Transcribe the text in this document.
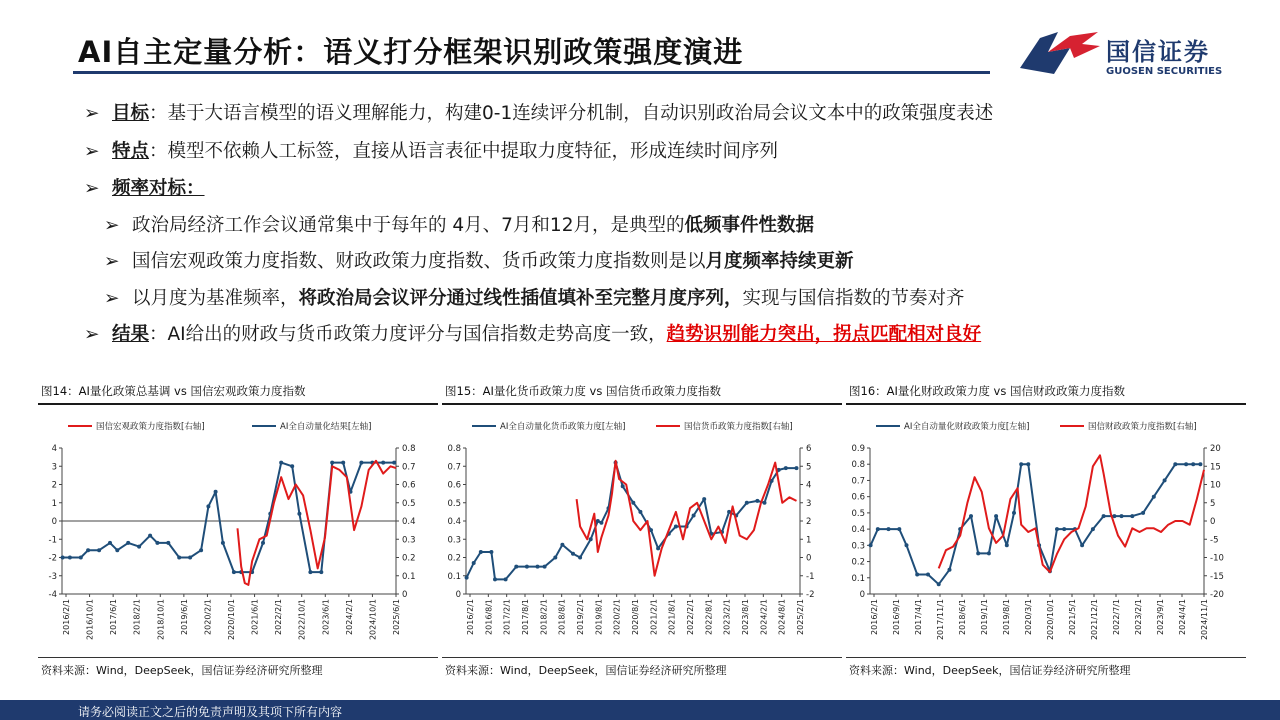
AI自主定量分析：语义打分框架识别政策强度演进	国信证券
GUOSEN SECURITIES
➢ 目标：基于大语言模型的语义理解能力，构建0-1连续评分机制，自动识别政治局会议文本中的政策强度表述
➢ 特点：模型不依赖人工标签，直接从语言表征中提取力度特征，形成连续时间序列
➢ 频率对标：
➢ 政治局经济工作会议通常集中于每年的 4月、7月和12月，是典型的低频事件性数据
➢ 国信宏观政策力度指数、财政政策力度指数、货币政策力度指数则是以月度频率持续更新
➢ 以月度为基准频率，将政治局会议评分通过线性插值填补至完整月度序列，实现与国信指数的节奏对齐
➢ 结果：AI给出的财政与货币政策力度评分与国信指数走势高度一致，趋势识别能力突出，拐点匹配相对良好
图14：AI量化政策总基调 vs 国信宏观政策力度指数
-4
-3
-2
-1
0
1
2
3
4
0
0.1
0.2
0.3
0.4
0.5
0.6
0.7
0.8
2016/2/1 2016/10/1 2017/6/1 2018/2/1 2018/10/1 2019/6/1 2020/2/1 2020/10/1 2021/6/1 2022/2/1 2022/10/1 2023/6/1 2024/2/1 2024/10/1 2025/6/1
国信宏观政策力度指数[右轴]	AI全自动量化结果[左轴]
资料来源：Wind，DeepSeek，国信证券经济研究所整理
图15：AI量化货币政策力度 vs 国信货币政策力度指数
0
0.1
0.2
0.3
0.4
0.5
0.6
0.7
0.8
-2
-1
0
1
2
3
4
5
6
2016/2/1 2016/8/1 2017/2/1 2017/8/1 2018/2/1 2018/8/1 2019/2/1 2019/8/1 2020/2/1 2020/8/1 2021/2/1 2021/8/1 2022/2/1 2022/8/1 2023/2/1 2023/8/1 2024/2/1 2024/8/1 2025/2/1
AI全自动量化货币政策力度[左轴]	国信货币政策力度指数[右轴]
资料来源：Wind，DeepSeek，国信证券经济研究所整理
图16：AI量化财政政策力度 vs 国信财政政策力度指数
0
0.1
0.2
0.3
0.4
0.5
0.6
0.7
0.8
0.9
-20
-15
-10
-5
0
5
10
15
20
2016/2/1 2016/9/1 2017/4/1 2017/11/1 2018/6/1 2019/1/1 2019/8/1 2020/3/1 2020/10/1 2021/5/1 2021/12/1 2022/7/1 2023/2/1 2023/9/1 2024/4/1 2024/11/1
AI全自动量化财政政策力度[左轴]	国信财政政策力度指数[右轴]
资料来源：Wind，DeepSeek，国信证券经济研究所整理
请务必阅读正文之后的免责声明及其项下所有内容
